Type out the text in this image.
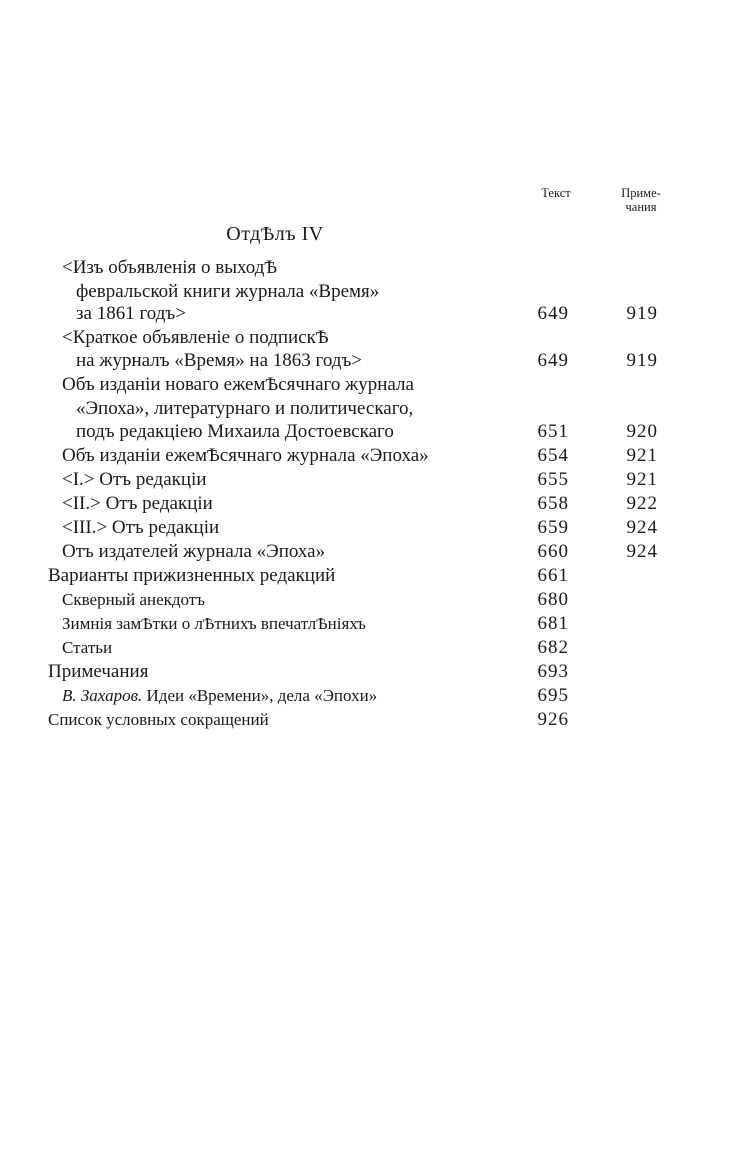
Текст	Приме-
чания
ОтдѢлъ IV
<Изъ объявленія о выходѢ
февральской книги журнала «Время»
за 1861 годъ>	649	919
<Краткое объявленіе о подпискѢ
на журналъ «Время» на 1863 годъ>	649	919
Объ изданіи новаго ежемѢсячнаго журнала
«Эпоха», литературнаго и политическаго,
подъ редакціею Михаила Достоевскаго	651	920
Объ изданіи ежемѢсячнаго журнала «Эпоха»	654	921
<I.> Отъ редакціи	655	921
<II.> Отъ редакціи	658	922
<III.> Отъ редакціи	659	924
Отъ издателей журнала «Эпоха»	660	924
Варианты прижизненных редакций	661
Скверный анекдотъ	680
Зимнія замѢтки о лѢтнихъ впечатлѢніяхъ	681
Статьи	682
Примечания	693
В. Захаров. Идеи «Времени», дела «Эпохи»	695
Список условных сокращений	926
